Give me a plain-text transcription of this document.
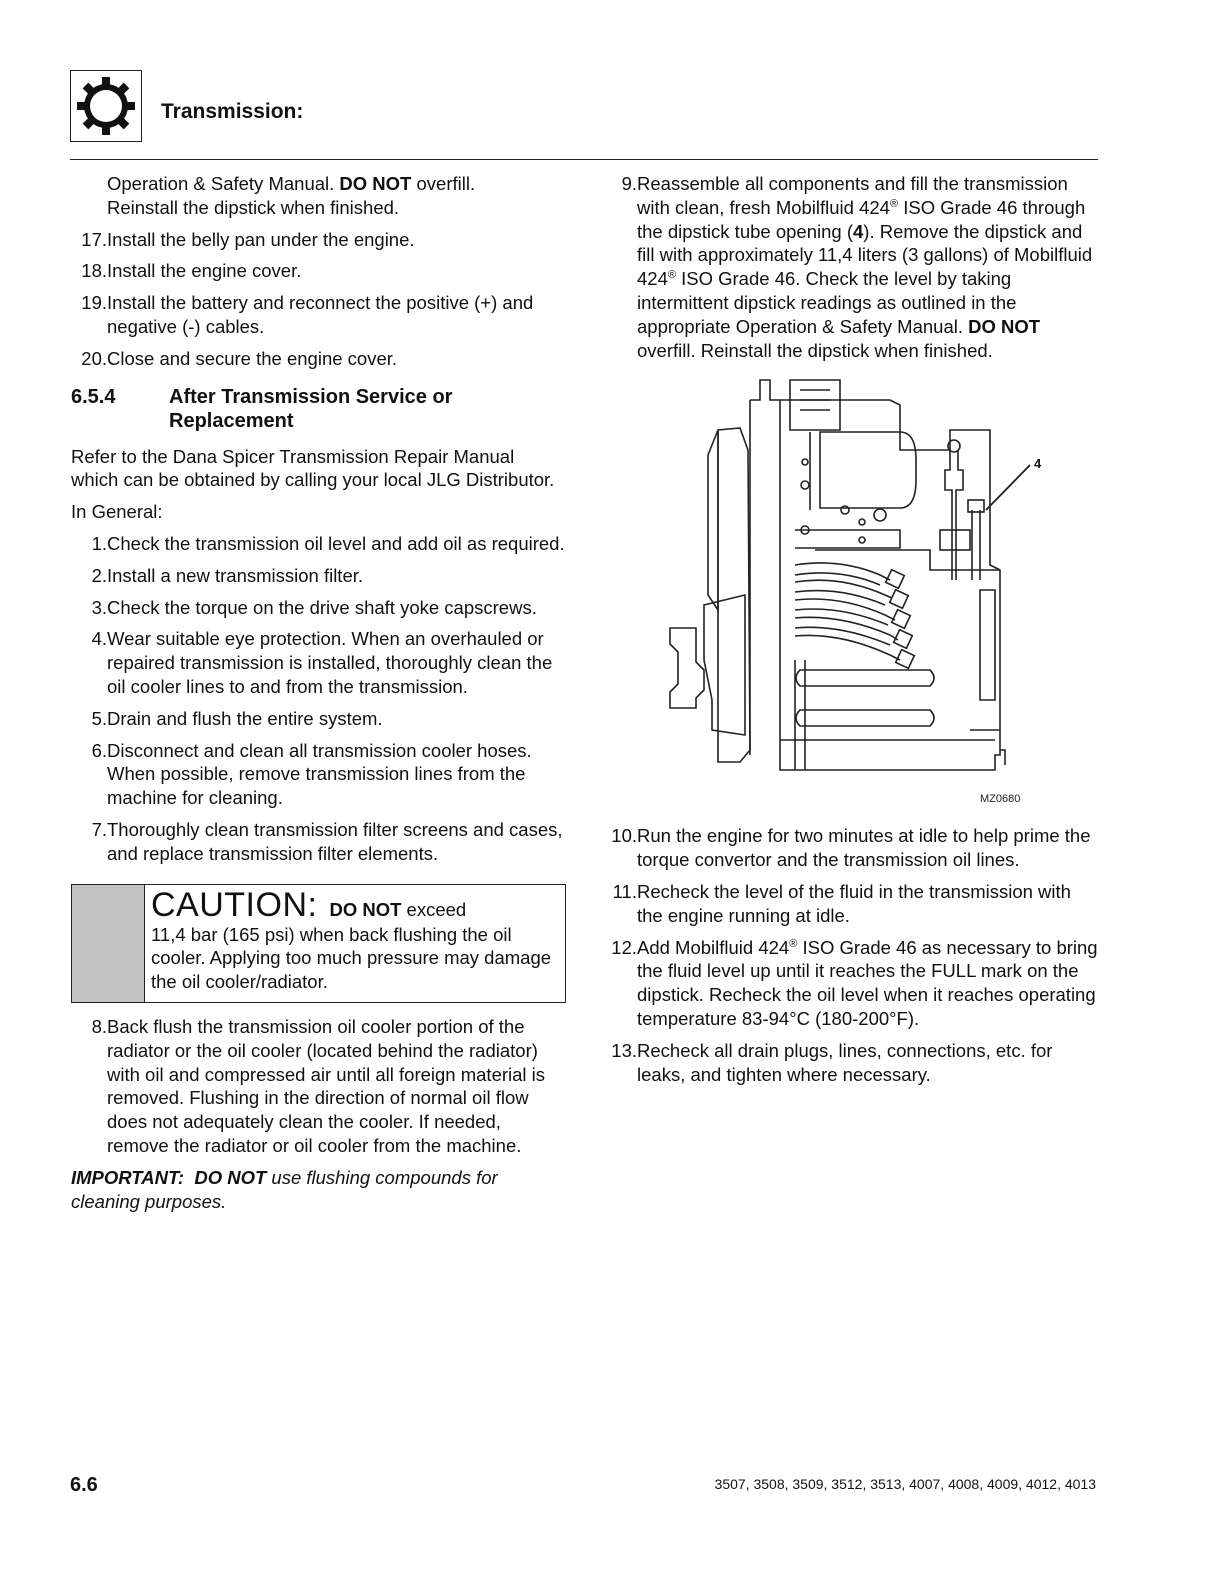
Transmission:

Operation & Safety Manual. DO NOT overfill.
Reinstall the dipstick when finished.

17. Install the belly pan under the engine.
18. Install the engine cover.
19. Install the battery and reconnect the positive (+) and negative (-) cables.
20. Close and secure the engine cover.
6.5.4	After Transmission Service or Replacement

Refer to the Dana Spicer Transmission Repair Manual which can be obtained by calling your local JLG Distributor.

In General:

1. Check the transmission oil level and add oil as required.
2. Install a new transmission filter.
3. Check the torque on the drive shaft yoke capscrews.
4. Wear suitable eye protection. When an overhauled or repaired transmission is installed, thoroughly clean the oil cooler lines to and from the transmission.
5. Drain and flush the entire system.
6. Disconnect and clean all transmission cooler hoses. When possible, remove transmission lines from the machine for cleaning.
7. Thoroughly clean transmission filter screens and cases, and replace transmission filter elements.
CAUTION: DO NOT exceed
11,4 bar (165 psi) when back flushing the oil cooler. Applying too much pressure may damage the oil cooler/radiator.
8. Back flush the transmission oil cooler portion of the radiator or the oil cooler (located behind the radiator) with oil and compressed air until all foreign material is removed. Flushing in the direction of normal oil flow does not adequately clean the cooler. If needed, remove the radiator or oil cooler from the machine.

IMPORTANT: DO NOT use flushing compounds for cleaning purposes.

9. Reassemble all components and fill the transmission with clean, fresh Mobilfluid 424® ISO Grade 46 through the dipstick tube opening (4). Remove the dipstick and fill with approximately 11,4 liters (3 gallons) of Mobilfluid 424® ISO Grade 46. Check the level by taking intermittent dipstick readings as outlined in the appropriate Operation & Safety Manual. DO NOT overfill. Reinstall the dipstick when finished.
4
MZ0680
10. Run the engine for two minutes at idle to help prime the torque convertor and the transmission oil lines.
11. Recheck the level of the fluid in the transmission with the engine running at idle.
12. Add Mobilfluid 424® ISO Grade 46 as necessary to bring the fluid level up until it reaches the FULL mark on the dipstick. Recheck the oil level when it reaches operating temperature 83-94°C (180-200°F).
13. Recheck all drain plugs, lines, connections, etc. for leaks, and tighten where necessary.
6.6	3507, 3508, 3509, 3512, 3513, 4007, 4008, 4009, 4012, 4013
